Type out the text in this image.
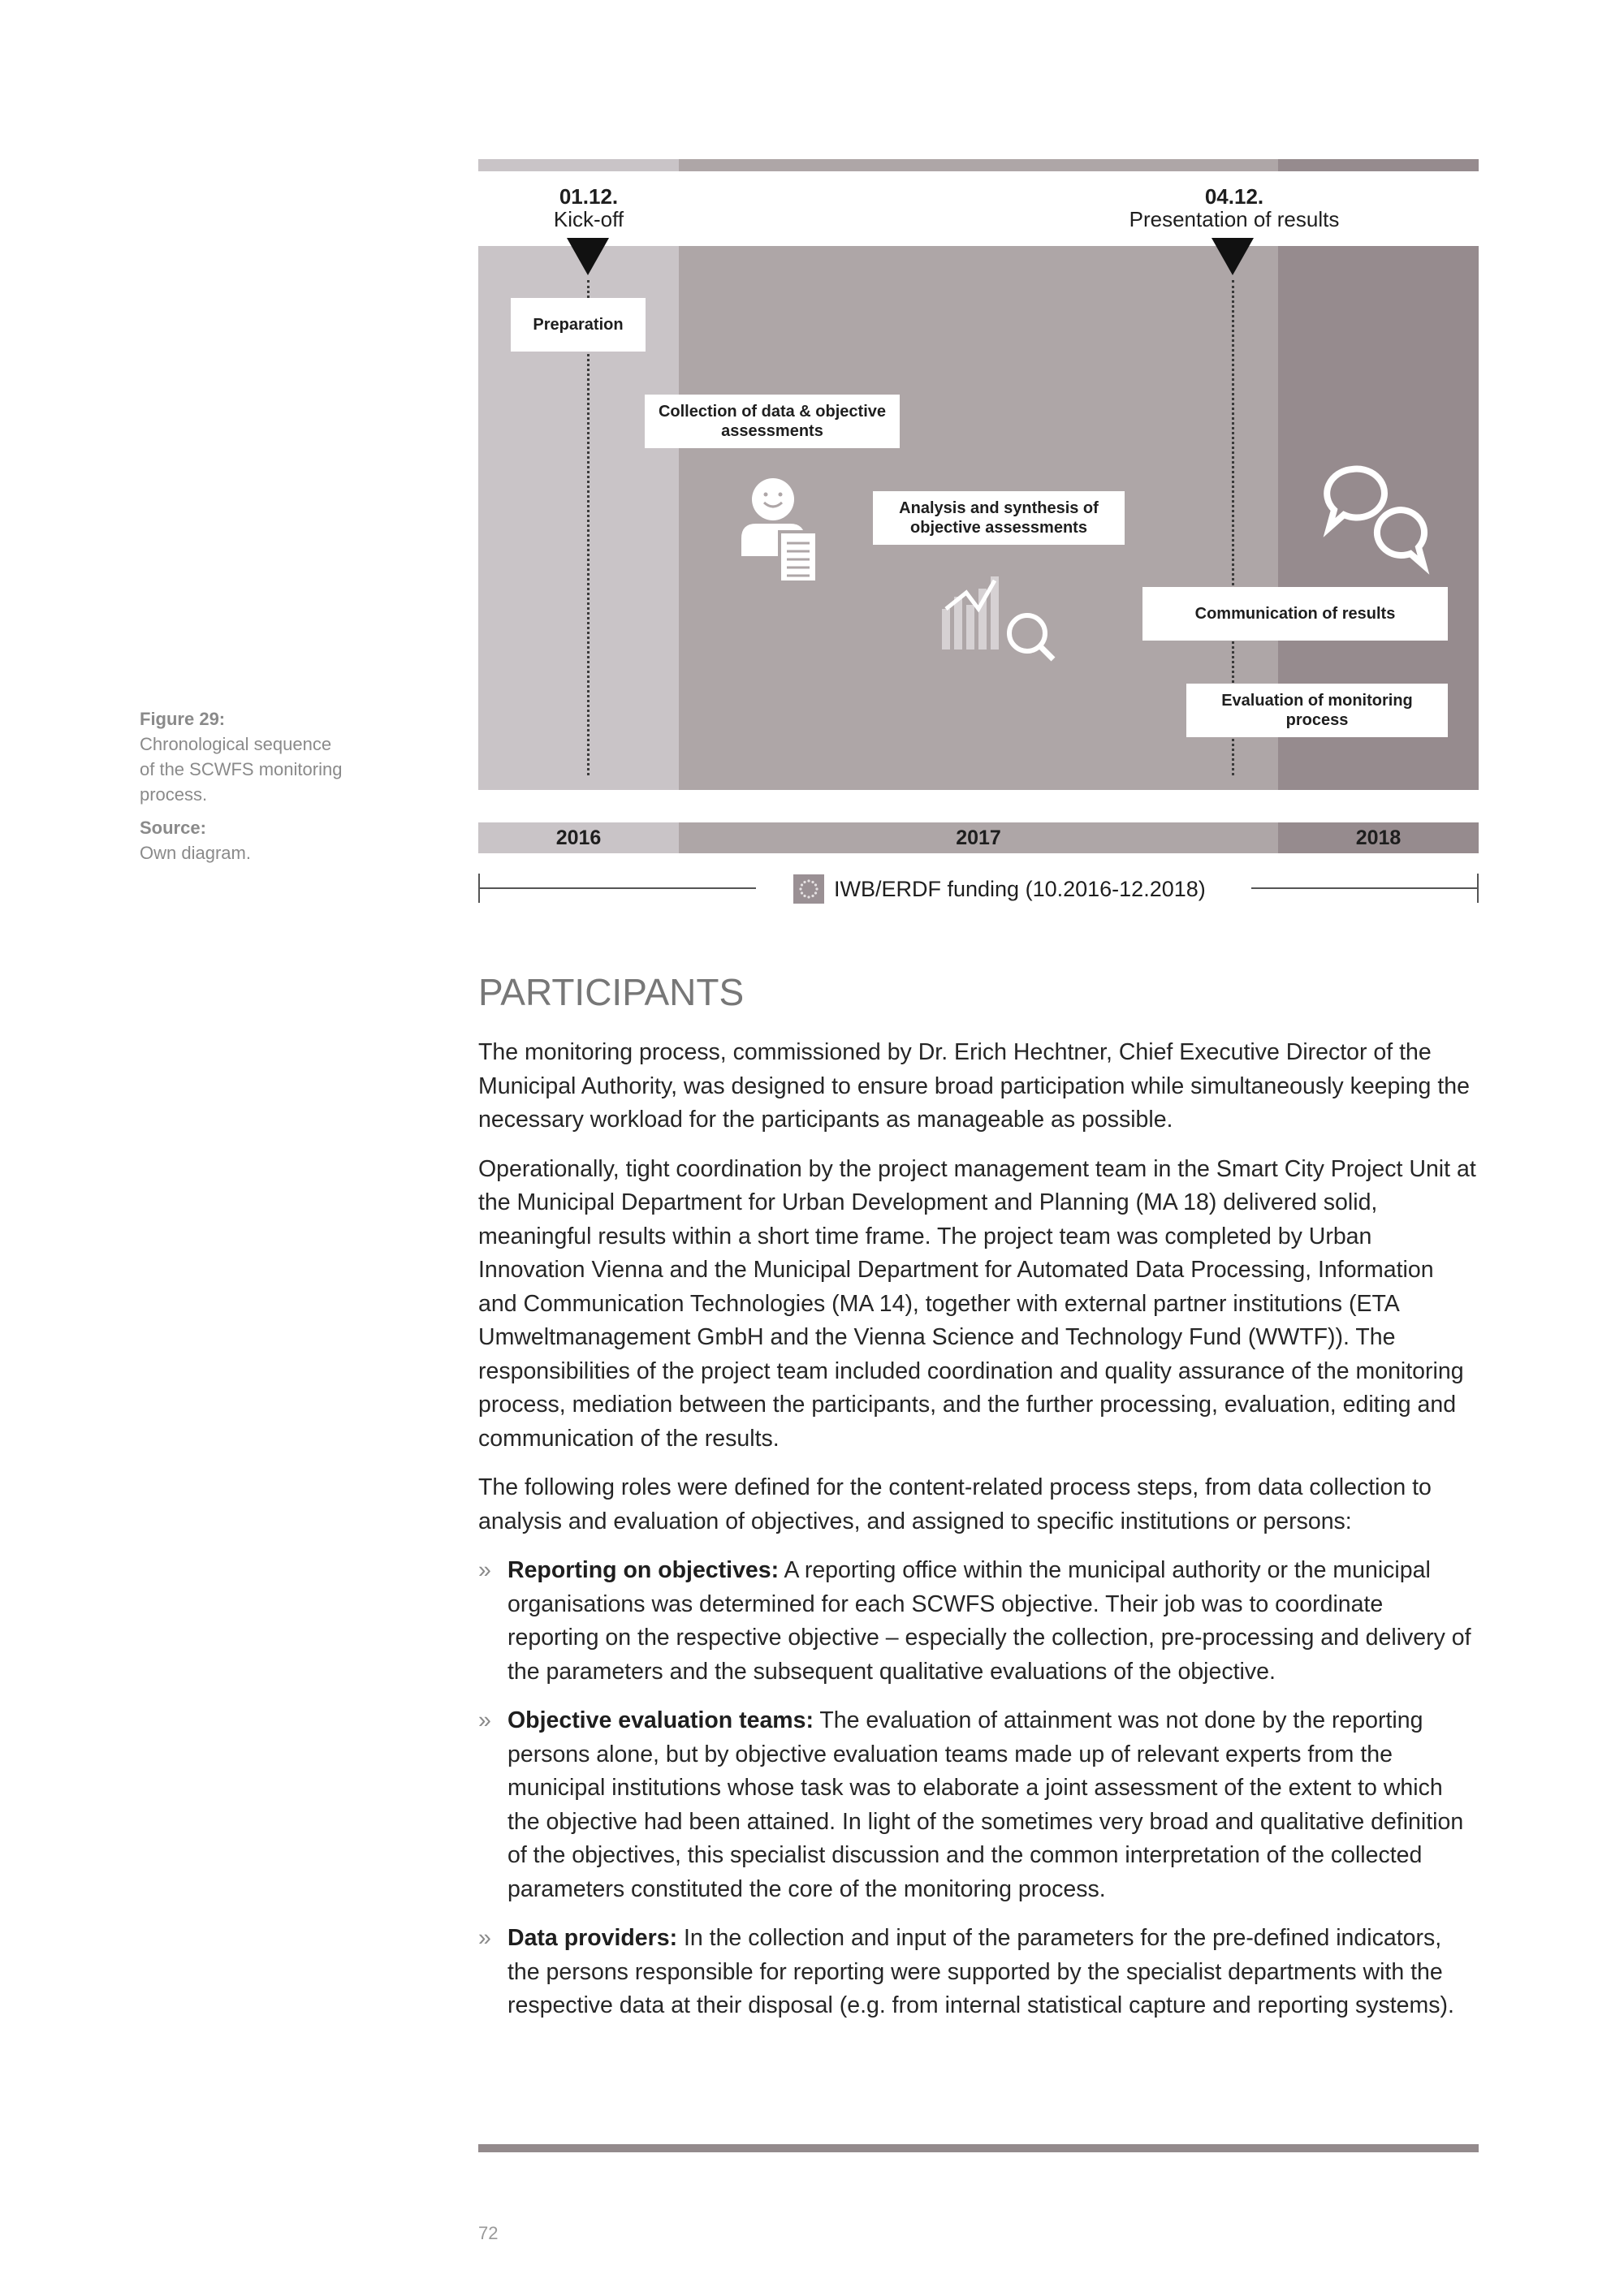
01.12.
Kick-off
04.12.
Presentation of results
Preparation
Collection of data & objective assessments
Analysis and synthesis of objective assessments
Communication of results
Evaluation of monitoring process
2016	2017	2018
IWB/ERDF funding (10.2016-12.2018)

Figure 29:
Chronological sequence of the SCWFS monitoring process.

Source:
Own diagram.

PARTICIPANTS

The monitoring process, commissioned by Dr. Erich Hechtner, Chief Executive Director of the Municipal Authority, was designed to ensure broad participation while simultaneously keeping the necessary workload for the participants as manageable as possible.

Operationally, tight coordination by the project management team in the Smart City Project Unit at the Municipal Department for Urban Development and Planning (MA 18) delivered solid, meaningful results within a short time frame. The project team was completed by Urban Innovation Vienna and the Municipal Department for Automated Data Processing, Information and Communication Technologies (MA 14), together with external partner institutions (ETA Umweltmanagement GmbH and the Vienna Science and Technology Fund (WWTF)). The responsibilities of the project team included coordination and quality assurance of the monitoring process, mediation between the participants, and the further processing, evaluation, editing and communication of the results.

The following roles were defined for the content-related process steps, from data collection to analysis and evaluation of objectives, and assigned to specific institutions or persons:

» Reporting on objectives: A reporting office within the municipal authority or the municipal organisations was determined for each SCWFS objective. Their job was to coordinate reporting on the respective objective – especially the collection, pre-processing and delivery of the parameters and the subsequent qualitative evaluations of the objective.
» Objective evaluation teams: The evaluation of attainment was not done by the reporting persons alone, but by objective evaluation teams made up of relevant experts from the municipal institutions whose task was to elaborate a joint assessment of the extent to which the objective had been attained. In light of the sometimes very broad and qualitative definition of the objectives, this specialist discussion and the common interpretation of the collected parameters constituted the core of the monitoring process.
» Data providers: In the collection and input of the parameters for the pre-defined indicators, the persons responsible for reporting were supported by the specialist departments with the respective data at their disposal (e.g. from internal statistical capture and reporting systems).
72
